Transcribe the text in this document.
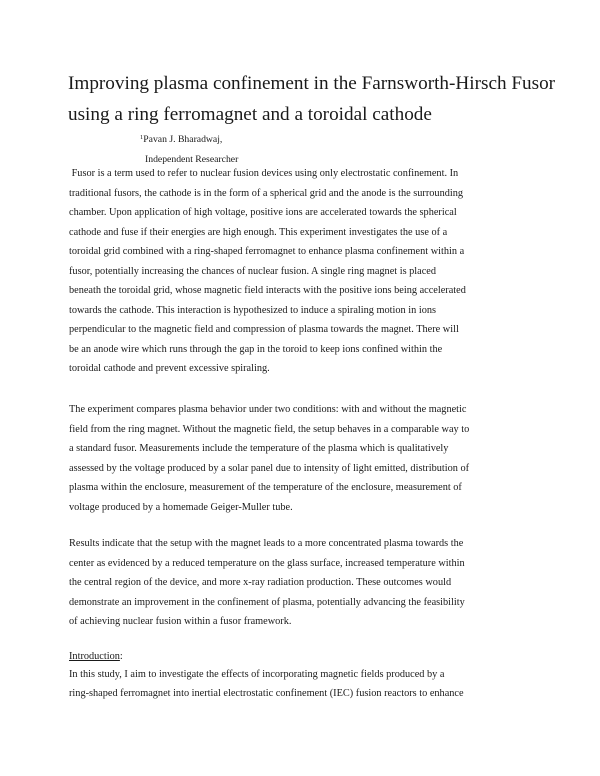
Improving plasma confinement in the Farnsworth-Hirsch Fusor
using a ring ferromagnet and a toroidal cathode
$^1$Pavan J. Bharadwaj,
Independent Researcher
Fusor is a term used to refer to nuclear fusion devices using only electrostatic confinement. In
traditional fusors, the cathode is in the form of a spherical grid and the anode is the surrounding
chamber. Upon application of high voltage, positive ions are accelerated towards the spherical
cathode and fuse if their energies are high enough. This experiment investigates the use of a
toroidal grid combined with a ring-shaped ferromagnet to enhance plasma confinement within a
fusor, potentially increasing the chances of nuclear fusion. A single ring magnet is placed
beneath the toroidal grid, whose magnetic field interacts with the positive ions being accelerated
towards the cathode. This interaction is hypothesized to induce a spiraling motion in ions
perpendicular to the magnetic field and compression of plasma towards the magnet. There will
be an anode wire which runs through the gap in the toroid to keep ions confined within the
toroidal cathode and prevent excessive spiraling.
The experiment compares plasma behavior under two conditions: with and without the magnetic
field from the ring magnet. Without the magnetic field, the setup behaves in a comparable way to
a standard fusor. Measurements include the temperature of the plasma which is qualitatively
assessed by the voltage produced by a solar panel due to intensity of light emitted, distribution of
plasma within the enclosure, measurement of the temperature of the enclosure, measurement of
voltage produced by a homemade Geiger-Muller tube.
Results indicate that the setup with the magnet leads to a more concentrated plasma towards the
center as evidenced by a reduced temperature on the glass surface, increased temperature within
the central region of the device, and more x-ray radiation production. These outcomes would
demonstrate an improvement in the confinement of plasma, potentially advancing the feasibility
of achieving nuclear fusion within a fusor framework.
Introduction:
In this study, I aim to investigate the effects of incorporating magnetic fields produced by a
ring-shaped ferromagnet into inertial electrostatic confinement (IEC) fusion reactors to enhance
